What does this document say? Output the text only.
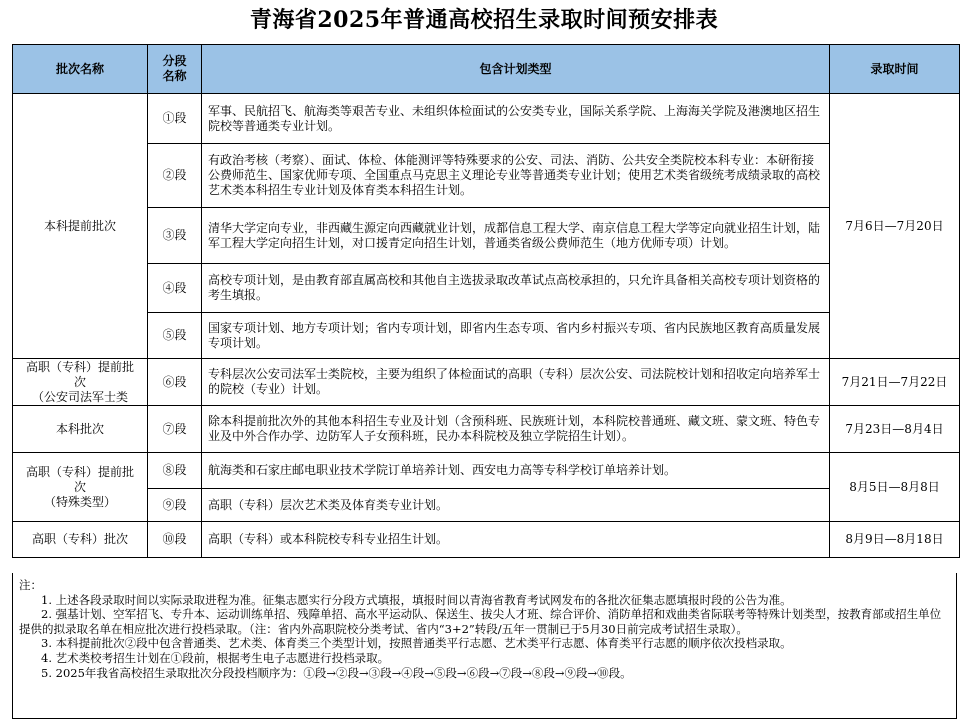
青海省2025年普通高校招生录取时间预安排表
批次名称	分段
名称	包含计划类型	录取时间
本科提前批次	①段	军事、民航招飞、航海类等艰苦专业、未组织体检面试的公安类专业，国际关系学院、上海海关学院及港澳地区招生院校等普通类专业计划。	7月6日—7月20日
	②段	有政治考核（考察）、面试、体检、体能测评等特殊要求的公安、司法、消防、公共安全类院校本科专业：本研衔接公费师范生、国家优师专项、全国重点马克思主义理论专业等普通类专业计划；使用艺术类省级统考成绩录取的高校艺术类本科招生专业计划及体育类本科招生计划。	
	③段	清华大学定向专业，非西藏生源定向西藏就业计划，成都信息工程大学、南京信息工程大学等定向就业招生计划，陆军工程大学定向招生计划，对口援青定向招生计划，普通类省级公费师范生（地方优师专项）计划。	
	④段	高校专项计划，是由教育部直属高校和其他自主选拔录取改革试点高校承担的，只允许具备相关高校专项计划资格的考生填报。	
	⑤段	国家专项计划、地方专项计划；省内专项计划，即省内生态专项、省内乡村振兴专项、省内民族地区教育高质量发展专项计划。	

高职（专科）提前批
次
（公安司法军士类	⑥段	专科层次公安司法军士类院校，主要为组织了体检面试的高职（专科）层次公安、司法院校计划和招收定向培养军士的院校（专业）计划。	7月21日—7月22日
本科批次	⑦段	除本科提前批次外的其他本科招生专业及计划（含预科班、民族班计划，本科院校普通班、藏文班、蒙文班、特色专业及中外合作办学、边防军人子女预科班，民办本科院校及独立学院招生计划）。	7月23日—8月4日

高职（专科）提前批
次
（特殊类型）	⑧段	航海类和石家庄邮电职业技术学院订单培养计划、西安电力高等专科学校订单培养计划。	8月5日—8月8日
	⑨段	高职（专科）层次艺术类及体育类专业计划。	
高职（专科）批次	⑩段	高职（专科）或本科院校专科专业招生计划。	8月9日—8月18日
注：
1. 上述各段录取时间以实际录取进程为准。征集志愿实行分段方式填报，填报时间以青海省教育考试网发布的各批次征集志愿填报时段的公告为准。
2. 强基计划、空军招飞、专升本、运动训练单招、残障单招、高水平运动队、保送生、拔尖人才班、综合评价、消防单招和戏曲类省际联考等特殊计划类型，按教育部或招生单位提供的拟录取名单在相应批次进行投档录取。（注：省内外高职院校分类考试、省内“3+2”转段/五年一贯制已于5月30日前完成考试招生录取）。
3. 本科提前批次②段中包含普通类、艺术类、体育类三个类型计划，按照普通类平行志愿、艺术类平行志愿、体育类平行志愿的顺序依次投档录取。
4. 艺术类校考招生计划在①段前，根据考生电子志愿进行投档录取。
5. 2025年我省高校招生录取批次分段投档顺序为：①段→②段→③段→④段→⑤段→⑥段→⑦段→⑧段→⑨段→⑩段。
